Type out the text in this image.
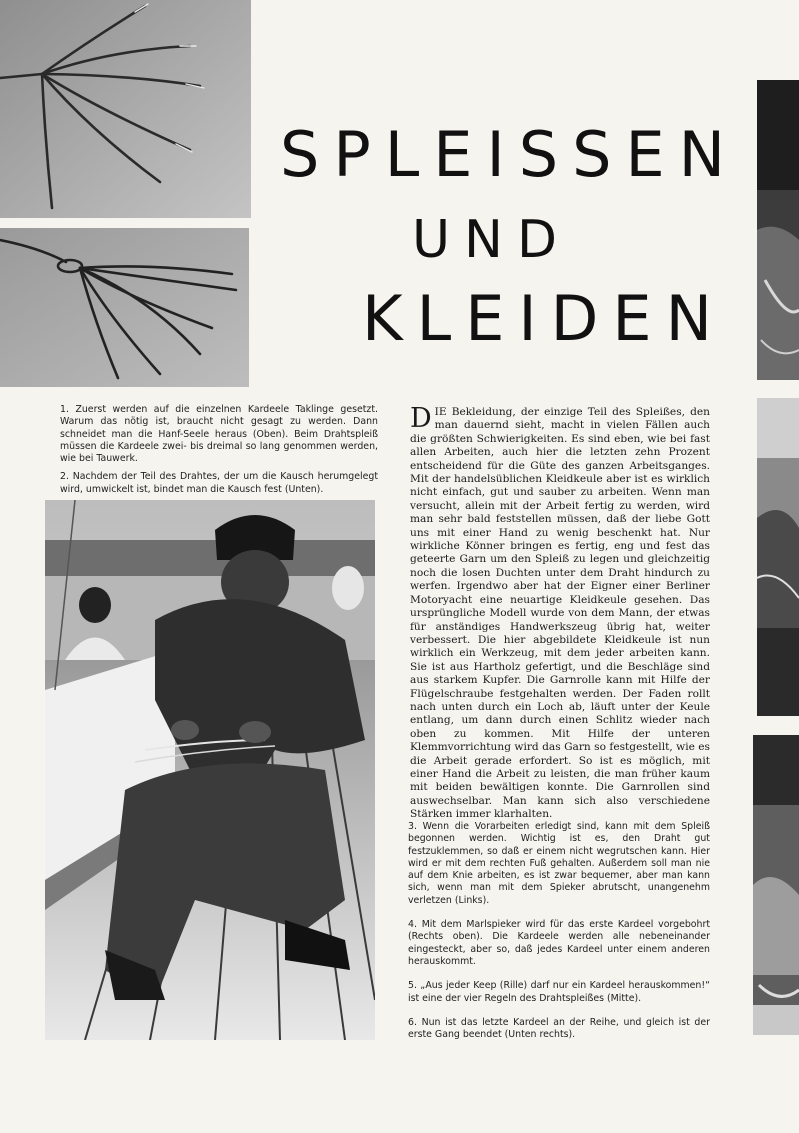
SPLEISSEN
UND
KLEIDEN

1. Zuerst werden auf die einzelnen Kardeele Taklinge gesetzt. Warum das nötig ist, braucht nicht gesagt zu werden. Dann schneidet man die Hanf-Seele heraus (Oben). Beim Drahtspleiß müssen die Kardeele zwei- bis dreimal so lang genommen werden, wie bei Tauwerk.

2. Nachdem der Teil des Drahtes, der um die Kausch herumgelegt wird, umwickelt ist, bindet man die Kausch fest (Unten).

DIE Bekleidung, der einzige Teil des Spleißes, den man dauernd sieht, macht in vielen Fällen auch die größten Schwierigkeiten. Es sind eben, wie bei fast allen Arbeiten, auch hier die letzten zehn Prozent entscheidend für die Güte des ganzen Arbeitsganges. Mit der handelsüblichen Kleidkeule aber ist es wirklich nicht einfach, gut und sauber zu arbeiten. Wenn man versucht, allein mit der Arbeit fertig zu werden, wird man sehr bald feststellen müssen, daß der liebe Gott uns mit einer Hand zu wenig beschenkt hat. Nur wirkliche Könner bringen es fertig, eng und fest das geteerte Garn um den Spleiß zu legen und gleichzeitig noch die losen Duchten unter dem Draht hindurch zu werfen. Irgendwo aber hat der Eigner einer Berliner Motoryacht eine neuartige Kleidkeule gesehen. Das ursprüngliche Modell wurde von dem Mann, der etwas für anständiges Handwerkszeug übrig hat, weiter verbessert. Die hier abgebildete Kleidkeule ist nun wirklich ein Werkzeug, mit dem jeder arbeiten kann. Sie ist aus Hartholz gefertigt, und die Beschläge sind aus starkem Kupfer. Die Garnrolle kann mit Hilfe der Flügelschraube festgehalten werden. Der Faden rollt nach unten durch ein Loch ab, läuft unter der Keule entlang, um dann durch einen Schlitz wieder nach oben zu kommen. Mit Hilfe der unteren Klemmvorrichtung wird das Garn so festgestellt, wie es die Arbeit gerade erfordert. So ist es möglich, mit einer Hand die Arbeit zu leisten, die man früher kaum mit beiden bewältigen konnte. Die Garnrollen sind auswechselbar. Man kann sich also verschiedene Stärken immer klarhalten.

3. Wenn die Vorarbeiten erledigt sind, kann mit dem Spleiß begonnen werden. Wichtig ist es, den Draht gut festzuklemmen, so daß er einem nicht wegrutschen kann. Hier wird er mit dem rechten Fuß gehalten. Außerdem soll man nie auf dem Knie arbeiten, es ist zwar bequemer, aber man kann sich, wenn man mit dem Spieker abrutscht, unangenehm verletzen (Links).

4. Mit dem Marlspieker wird für das erste Kardeel vorgebohrt (Rechts oben). Die Kardeele werden alle nebeneinander eingesteckt, aber so, daß jedes Kardeel unter einem anderen herauskommt.

5. „Aus jeder Keep (Rille) darf nur ein Kardeel herauskommen!“ ist eine der vier Regeln des Drahtspleißes (Mitte).

6. Nun ist das letzte Kardeel an der Reihe, und gleich ist der erste Gang beendet (Unten rechts).
